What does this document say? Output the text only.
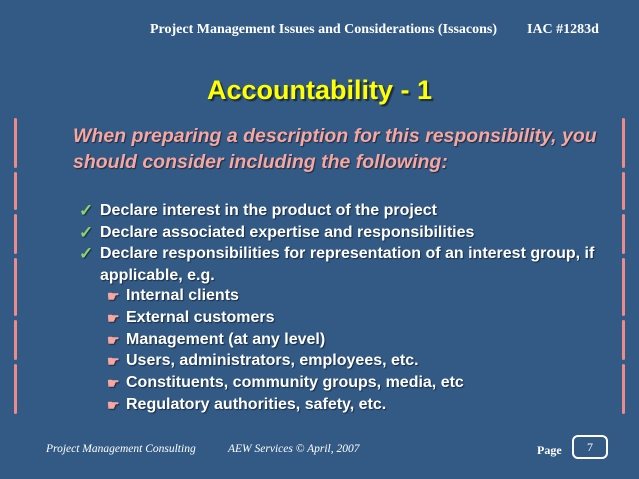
Project Management Issues and Considerations (Issacons) IAC #1283d
Accountability - 1
When preparing a description for this responsibility, you should consider including the following:
✓ Declare interest in the product of the project
✓ Declare associated expertise and responsibilities
✓ Declare responsibilities for representation of an interest group, if applicable, e.g.
☛ Internal clients
☛ External customers
☛ Management (at any level)
☛ Users, administrators, employees, etc.
☛ Constituents, community groups, media, etc
☛ Regulatory authorities, safety, etc.
Project Management Consulting	AEW Services © April, 2007	Page	7
